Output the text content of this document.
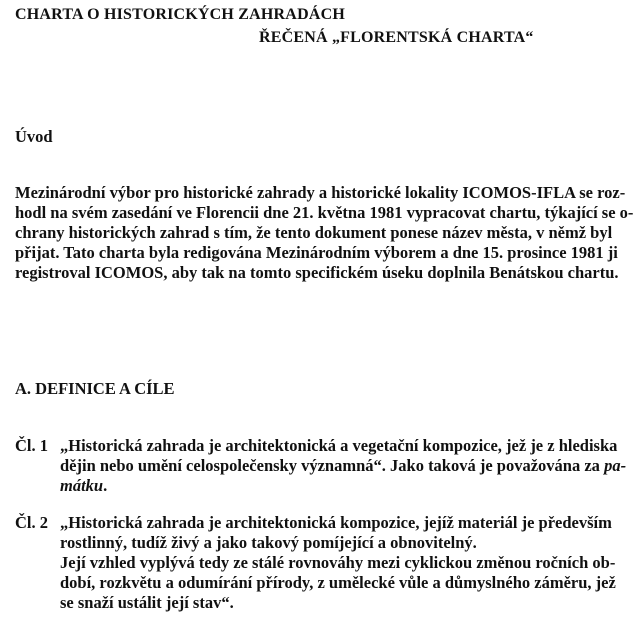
CHARTA O HISTORICKÝCH ZAHRADÁCH
ŘEČENÁ „FLORENTSKÁ CHARTA“
Úvod
Mezinárodní výbor pro historické zahrady a historické lokality ICOMOS-IFLA se roz-
hodl na svém zasedání ve Florencii dne 21. května 1981 vypracovat chartu, týkající se o-
chrany historických zahrad s tím, že tento dokument ponese název města, v němž byl
přijat. Tato charta byla redigována Mezinárodním výborem a dne 15. prosince 1981 ji
registroval ICOMOS, aby tak na tomto specifickém úseku doplnila Benátskou chartu.
A. DEFINICE A CÍLE
Čl. 1 „Historická zahrada je architektonická a vegetační kompozice, jež je z hlediska
dějin nebo umění celospolečensky významná“. Jako taková je považována za pa-
mátku.
Čl. 2 „Historická zahrada je architektonická kompozice, jejíž materiál je především
rostlinný, tudíž živý a jako takový pomíjející a obnovitelný.
Její vzhled vyplývá tedy ze stálé rovnováhy mezi cyklickou změnou ročních ob-
dobí, rozkvětu a odumírání přírody, z umělecké vůle a důmyslného záměru, jež
se snaží ustálit její stav“.
